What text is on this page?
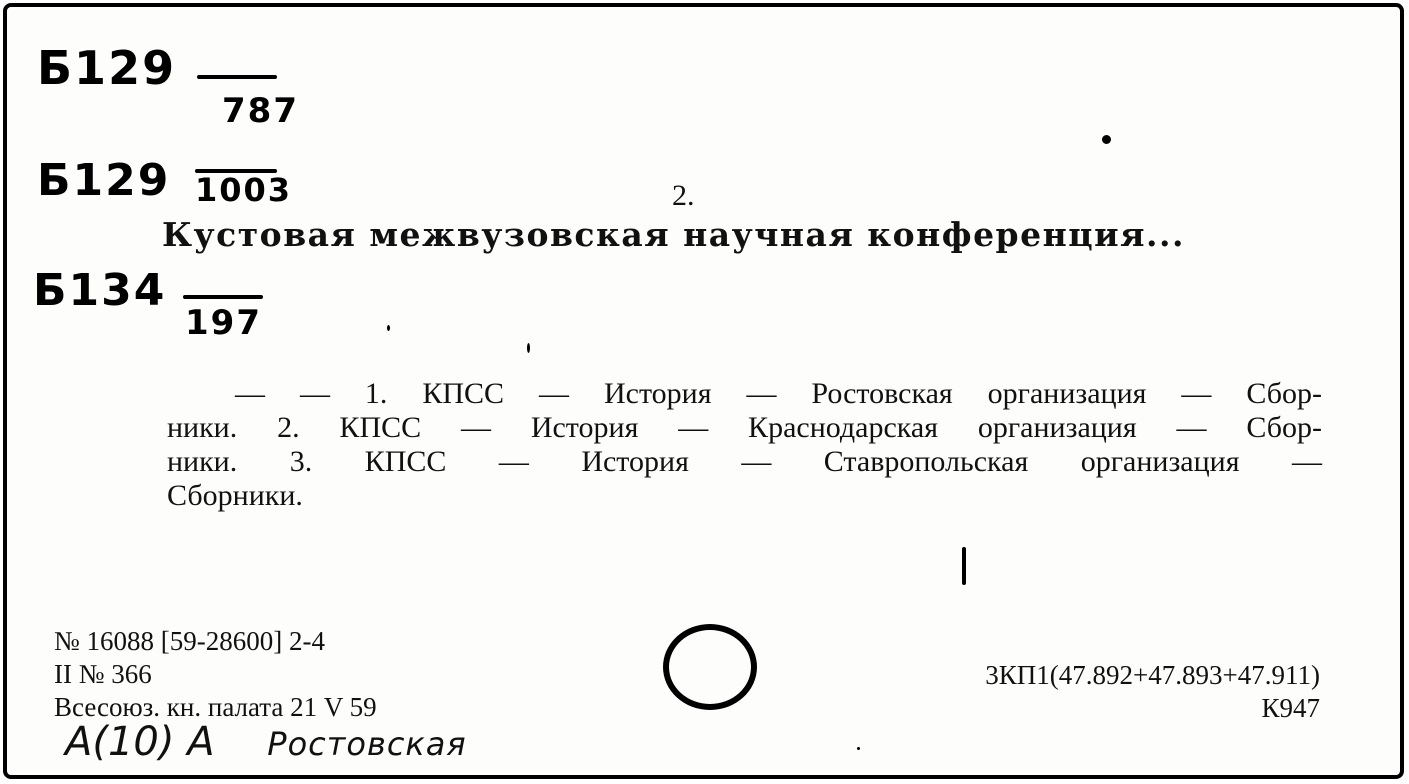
Б129
787
Б129 1003
Б134
197
2.
Кустовая межвузовская научная конференция...
— — 1. КПСС — История — Ростовская организация — Сбор-
ники. 2. КПСС — История — Краснодарская организация — Сбор-
ники. 3. КПСС — История — Ставропольская организация —
Сборники.
№ 16088 [59-28600] 2-4
II № 366
Всесоюз. кн. палата 21 V 59
3КП1(47.892+47.893+47.911)
К947
А(10) А Ростовская
